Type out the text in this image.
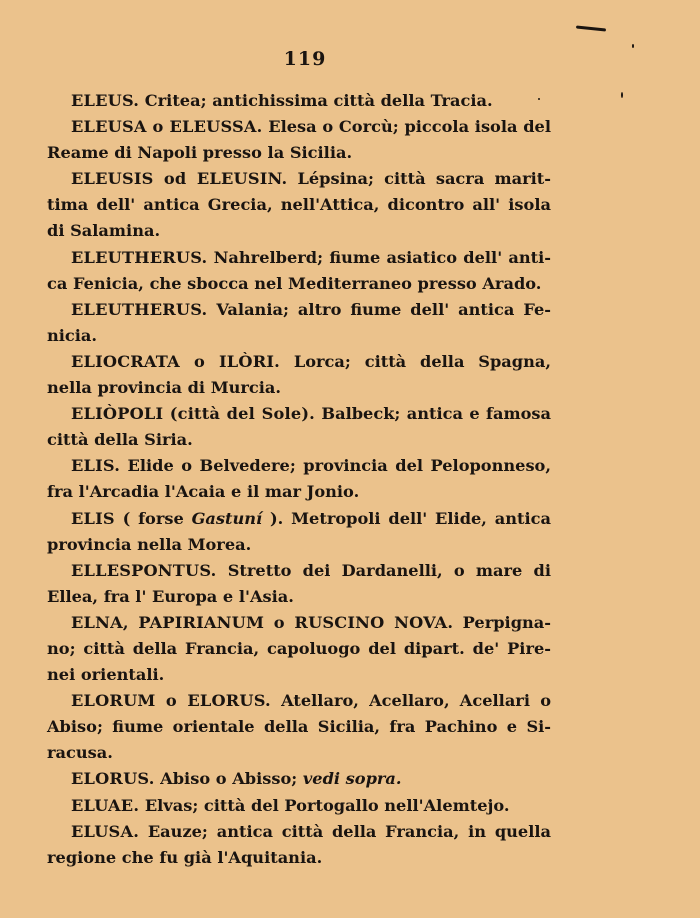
119

ELEUS. Critea; antichissima città della Tracia.

ELEUSA o ELEUSSA. Elesa o Corcù; piccola isola del Reame di Napoli presso la Sicilia.

ELEUSIS od ELEUSIN. Lépsina; città sacra marittima dell' antica Grecia, nell'Attica, dicontro all' isola di Salamina.

ELEUTHERUS. Nahrelberd; fiume asiatico dell' antica Fenicia, che sbocca nel Mediterraneo presso Arado.

ELEUTHERUS. Valania; altro fiume dell' antica Fenicia.

ELIOCRATA o ILÒRI. Lorca; città della Spagna, nella provincia di Murcia.

ELIÒPOLI (città del Sole). Balbeck; antica e famosa città della Siria.

ELIS. Elide o Belvedere; provincia del Peloponneso, fra l'Arcadia l'Acaia e il mar Jonio.

ELIS ( forse Gastuní ). Metropoli dell' Elide, antica provincia nella Morea.

ELLESPONTUS. Stretto dei Dardanelli, o mare di Ellea, fra l' Europa e l'Asia.

ELNA, PAPIRIANUM o RUSCINO NOVA. Perpignano; città della Francia, capoluogo del dipart. de' Pirenei orientali.

ELORUM o ELORUS. Atellaro, Acellaro, Acellari o Abiso; fiume orientale della Sicilia, fra Pachino e Siracusa.

ELORUS. Abiso o Abisso; vedi sopra.

ELUAE. Elvas; città del Portogallo nell'Alemtejo.

ELUSA. Eauze; antica città della Francia, in quella regione che fu già l'Aquitania.
